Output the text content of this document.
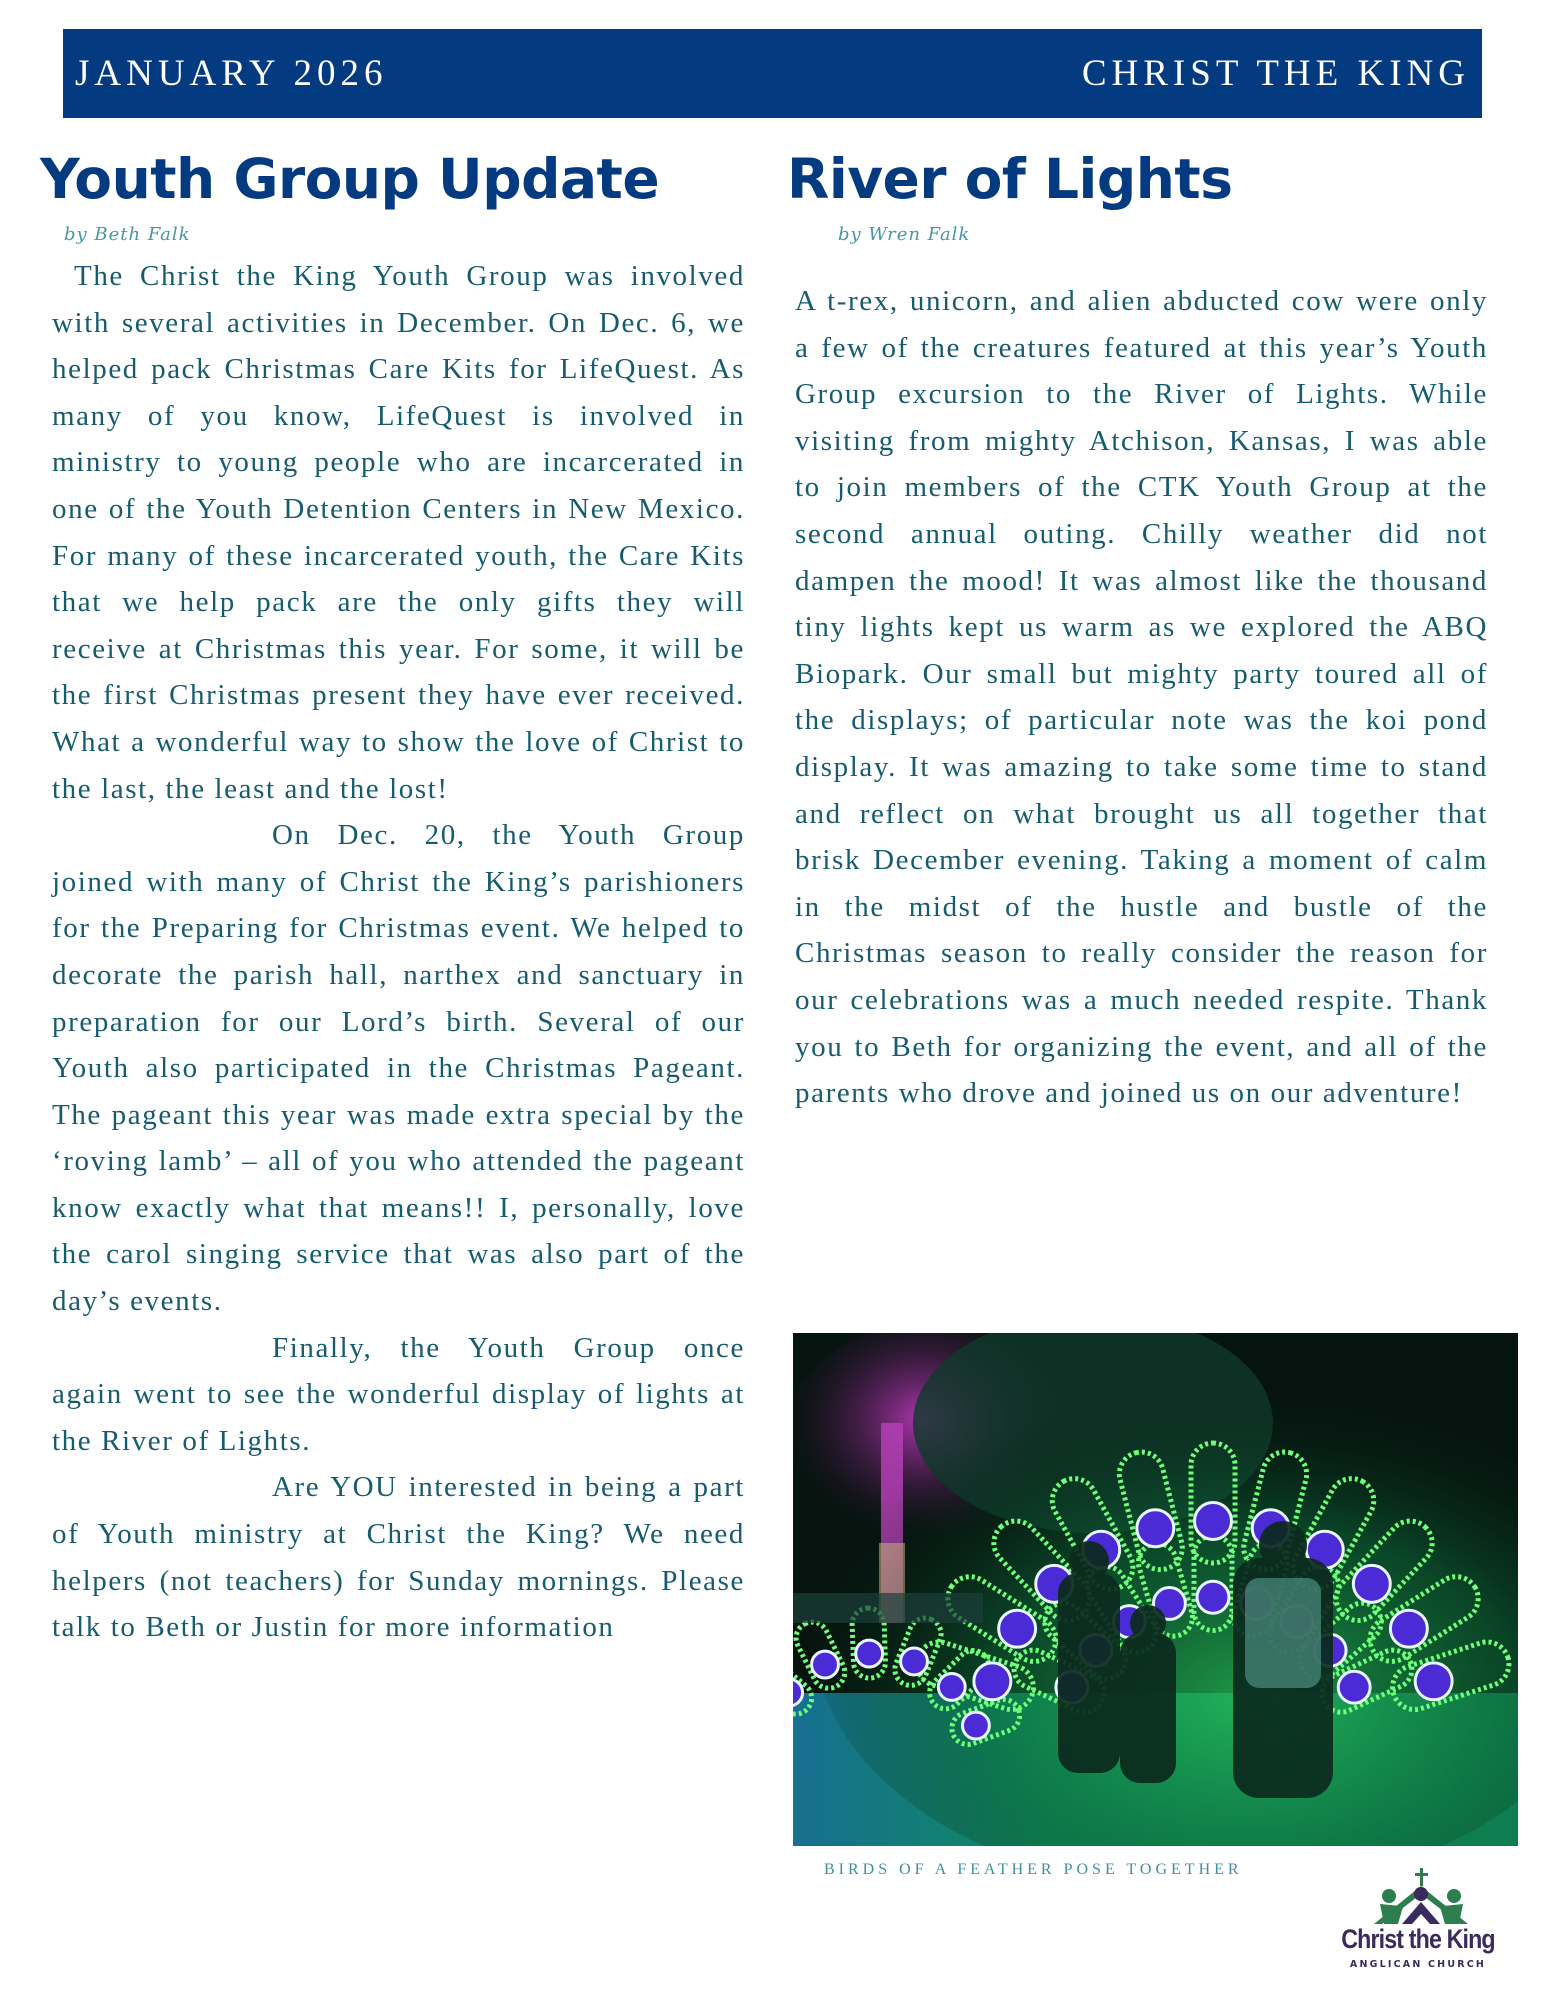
JANUARY 2026	CHRIST THE KING
Youth Group Update
by Beth Falk

The Christ the King Youth Group was involved with several activities in December. On Dec. 6, we helped pack Christmas Care Kits for LifeQuest. As many of you know, LifeQuest is involved in ministry to young people who are incarcerated in one of the Youth Detention Centers in New Mexico. For many of these incarcerated youth, the Care Kits that we help pack are the only gifts they will receive at Christmas this year. For some, it will be the first Christmas present they have ever received. What a wonderful way to show the love of Christ to the last, the least and the lost!

On Dec. 20, the Youth Group joined with many of Christ the King’s parishioners for the Preparing for Christmas event. We helped to decorate the parish hall, narthex and sanctuary in preparation for our Lord’s birth. Several of our Youth also participated in the Christmas Pageant. The pageant this year was made extra special by the ‘roving lamb’ – all of you who attended the pageant know exactly what that means!! I, personally, love the carol singing service that was also part of the day’s events.

Finally, the Youth Group once again went to see the wonderful display of lights at the River of Lights.

Are YOU interested in being a part of Youth ministry at Christ the King? We need helpers (not teachers) for Sunday mornings. Please talk to Beth or Justin for more information

River of Lights
by Wren Falk

A t-rex, unicorn, and alien abducted cow were only a few of the creatures featured at this year’s Youth Group excursion to the River of Lights. While visiting from mighty Atchison, Kansas, I was able to join members of the CTK Youth Group at the second annual outing. Chilly weather did not dampen the mood! It was almost like the thousand tiny lights kept us warm as we explored the ABQ Biopark. Our small but mighty party toured all of the displays; of particular note was the koi pond display. It was amazing to take some time to stand and reflect on what brought us all together that brisk December evening. Taking a moment of calm in the midst of the hustle and bustle of the Christmas season to really consider the reason for our celebrations was a much needed respite. Thank you to Beth for organizing the event, and all of the parents who drove and joined us on our adventure!

BIRDS OF A FEATHER POSE TOGETHER
Christ the King
ANGLICAN CHURCH
